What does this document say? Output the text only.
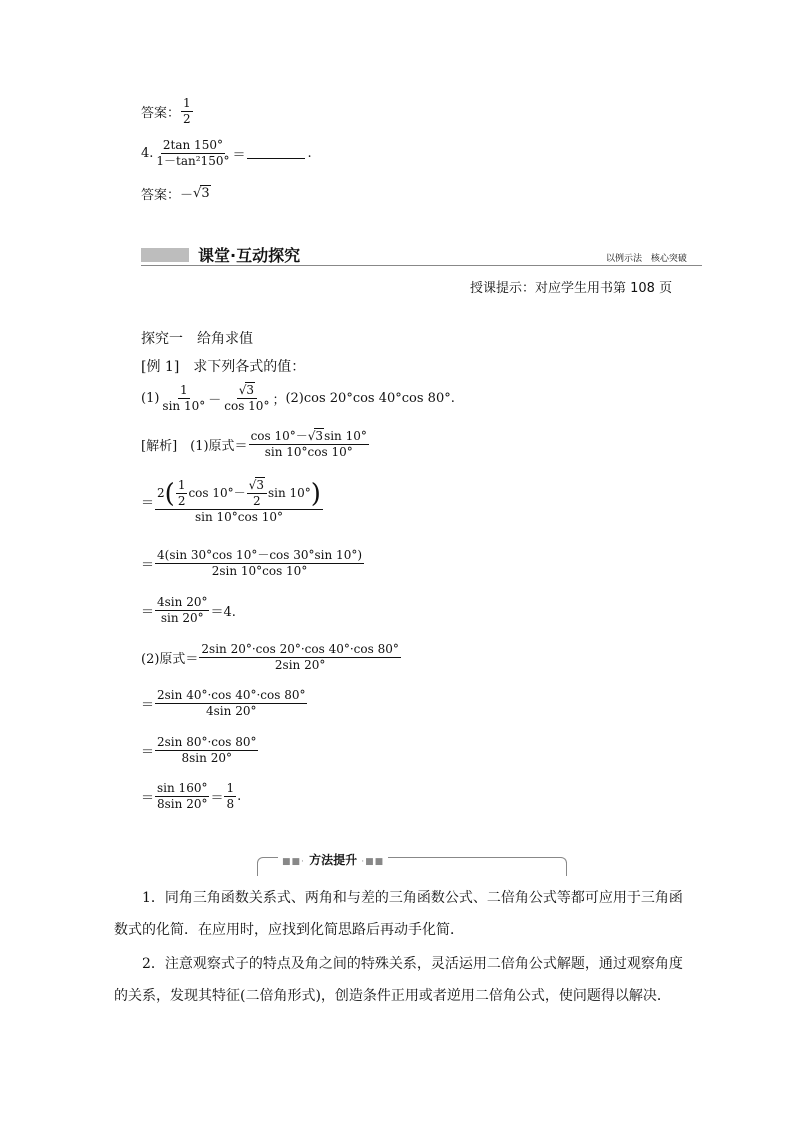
答案： $\frac{1}{2}$
4. $\frac{2\tan 150^\circ}{\text{1－tan²150°}}$ ＝	.
答案： － √3
课堂·互动探究	以例示法 核心突破
授课提示：对应学生用书第 108 页
探究一　给角求值
[例 1]　求下列各式的值：
$(1) \frac{1}{\sin 10^\circ} - \frac{√3}{\cos 10^\circ}$ ； (2)cos 20°cos 40°cos 80°.
[解析]　(1)原式＝ $\frac{\cos 10^\circ-√3\sin 10^\circ}{\sin 10^\circ\cos 10^\circ}$
＝
2 ( $\frac{1}{2}$ $\cos 10^\circ- \frac{√3}{2}$ sin 10° )
sin 10°cos 10°
＝ $\frac{4(\sin 30^\circ\cos 10^\circ-\cos 30^\circ\sin 10^\circ)}{2\sin 10^\circ\cos 10^\circ}$
＝ $\frac{4\sin 20^\circ}{\sin 20^\circ} =4$.
(2)原式＝ $\frac{2\sin 20^\circ\cdot\cos 20^\circ\cdot\cos 40^\circ\cdot\cos 80^\circ}{2\sin 20^\circ}$
＝ $\frac{2\sin 40^\circ\cdot\cos 40^\circ\cdot\cos 80^\circ}{4\sin 20^\circ}$
＝ $\frac{2\sin 80^\circ\cdot\cos 80^\circ}{8\sin 20^\circ}$
＝ $\frac{\sin 160^\circ}{8\sin 20^\circ} = \frac{1}{8}$ .
■■· 方法提升 ·■■
1．同角三角函数关系式、两角和与差的三角函数公式、二倍角公式等都可应用于三角函数式的化简．在应用时，应找到化简思路后再动手化简．
2．注意观察式子的特点及角之间的特殊关系，灵活运用二倍角公式解题，通过观察角度的关系，发现其特征(二倍角形式)，创造条件正用或者逆用二倍角公式，使问题得以解决．
